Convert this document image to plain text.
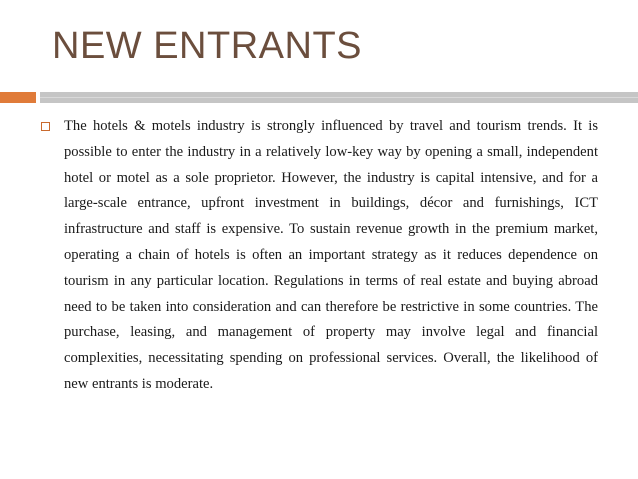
NEW ENTRANTS

The hotels & motels industry is strongly influenced by travel and tourism trends. It is possible to enter the industry in a relatively low-key way by opening a small, independent hotel or motel as a sole proprietor. However, the industry is capital intensive, and for a large-scale entrance, upfront investment in buildings, décor and furnishings, ICT infrastructure and staff is expensive. To sustain revenue growth in the premium market, operating a chain of hotels is often an important strategy as it reduces dependence on tourism in any particular location. Regulations in terms of real estate and buying abroad need to be taken into consideration and can therefore be restrictive in some countries. The purchase, leasing, and management of property may involve legal and financial complexities, necessitating spending on professional services. Overall, the likelihood of new entrants is moderate.
